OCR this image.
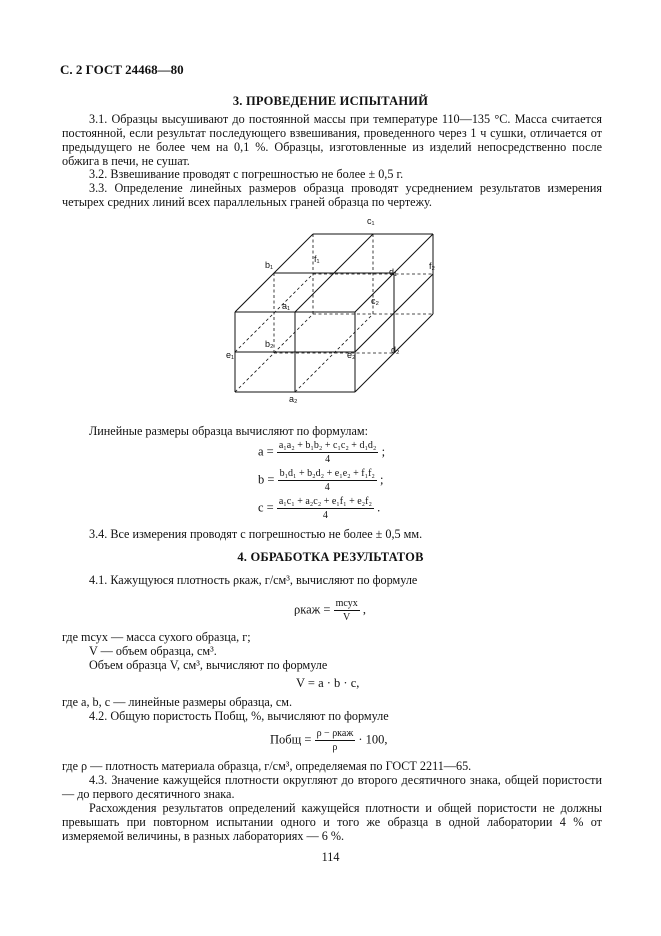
С. 2 ГОСТ 24468—80
3. ПРОВЕДЕНИЕ ИСПЫТАНИЙ
3.1. Образцы высушивают до постоянной массы при температуре 110—135 °С. Масса считается постоянной, если результат последующего взвешивания, проведенного через 1 ч сушки, отличается от предыдущего не более чем на 0,1 %. Образцы, изготовленные из изделий непосредственно после обжига в печи, не сушат.
3.2. Взвешивание проводят с погрешностью не более ± 0,5 г.
3.3. Определение линейных размеров образца проводят усреднением результатов измерения четырех средних линий всех параллельных граней образца по чертежу.
c₁
b₁
f₁
f₂
d₁
a₁	c₂
b₂
e₁	e₂	d₂
a₂
Линейные размеры образца вычисляют по формулам:
$a = \frac{\text{a₁a₂ + b₁b₂ + c₁c₂ + d₁d₂}}{4}$ ;
$b = \frac{\text{b₁d₁ + b₂d₂ + e₁e₂ + f₁f₂}}{4}$ ;
$c = \frac{\text{a₁c₁ + a₂c₂ + e₁f₁ + e₂f₂}}{4}$ .
3.4. Все измерения проводят с погрешностью не более ± 0,5 мм.
4. ОБРАБОТКА РЕЗУЛЬТАТОВ
4.1. Кажущуюся плотность ρкаж, г/см³, вычисляют по формуле
ρкаж = mсух
V
,
где mсух — масса сухого образца, г;
V — объем образца, см³.
Объем образца V, см³, вычисляют по формуле
V = a · b · c,
где a, b, c — линейные размеры образца, см.
4.2. Общую пористость Побщ, %, вычисляют по формуле
Побщ = ρ − ρкаж
ρ
· 100,
где ρ — плотность материала образца, г/см³, определяемая по ГОСТ 2211—65.
4.3. Значение кажущейся плотности округляют до второго десятичного знака, общей пористости — до первого десятичного знака.
Расхождения результатов определений кажущейся плотности и общей пористости не должны превышать при повторном испытании одного и того же образца в одной лаборатории 4 % от измеряемой величины, в разных лабораториях — 6 %.
114
